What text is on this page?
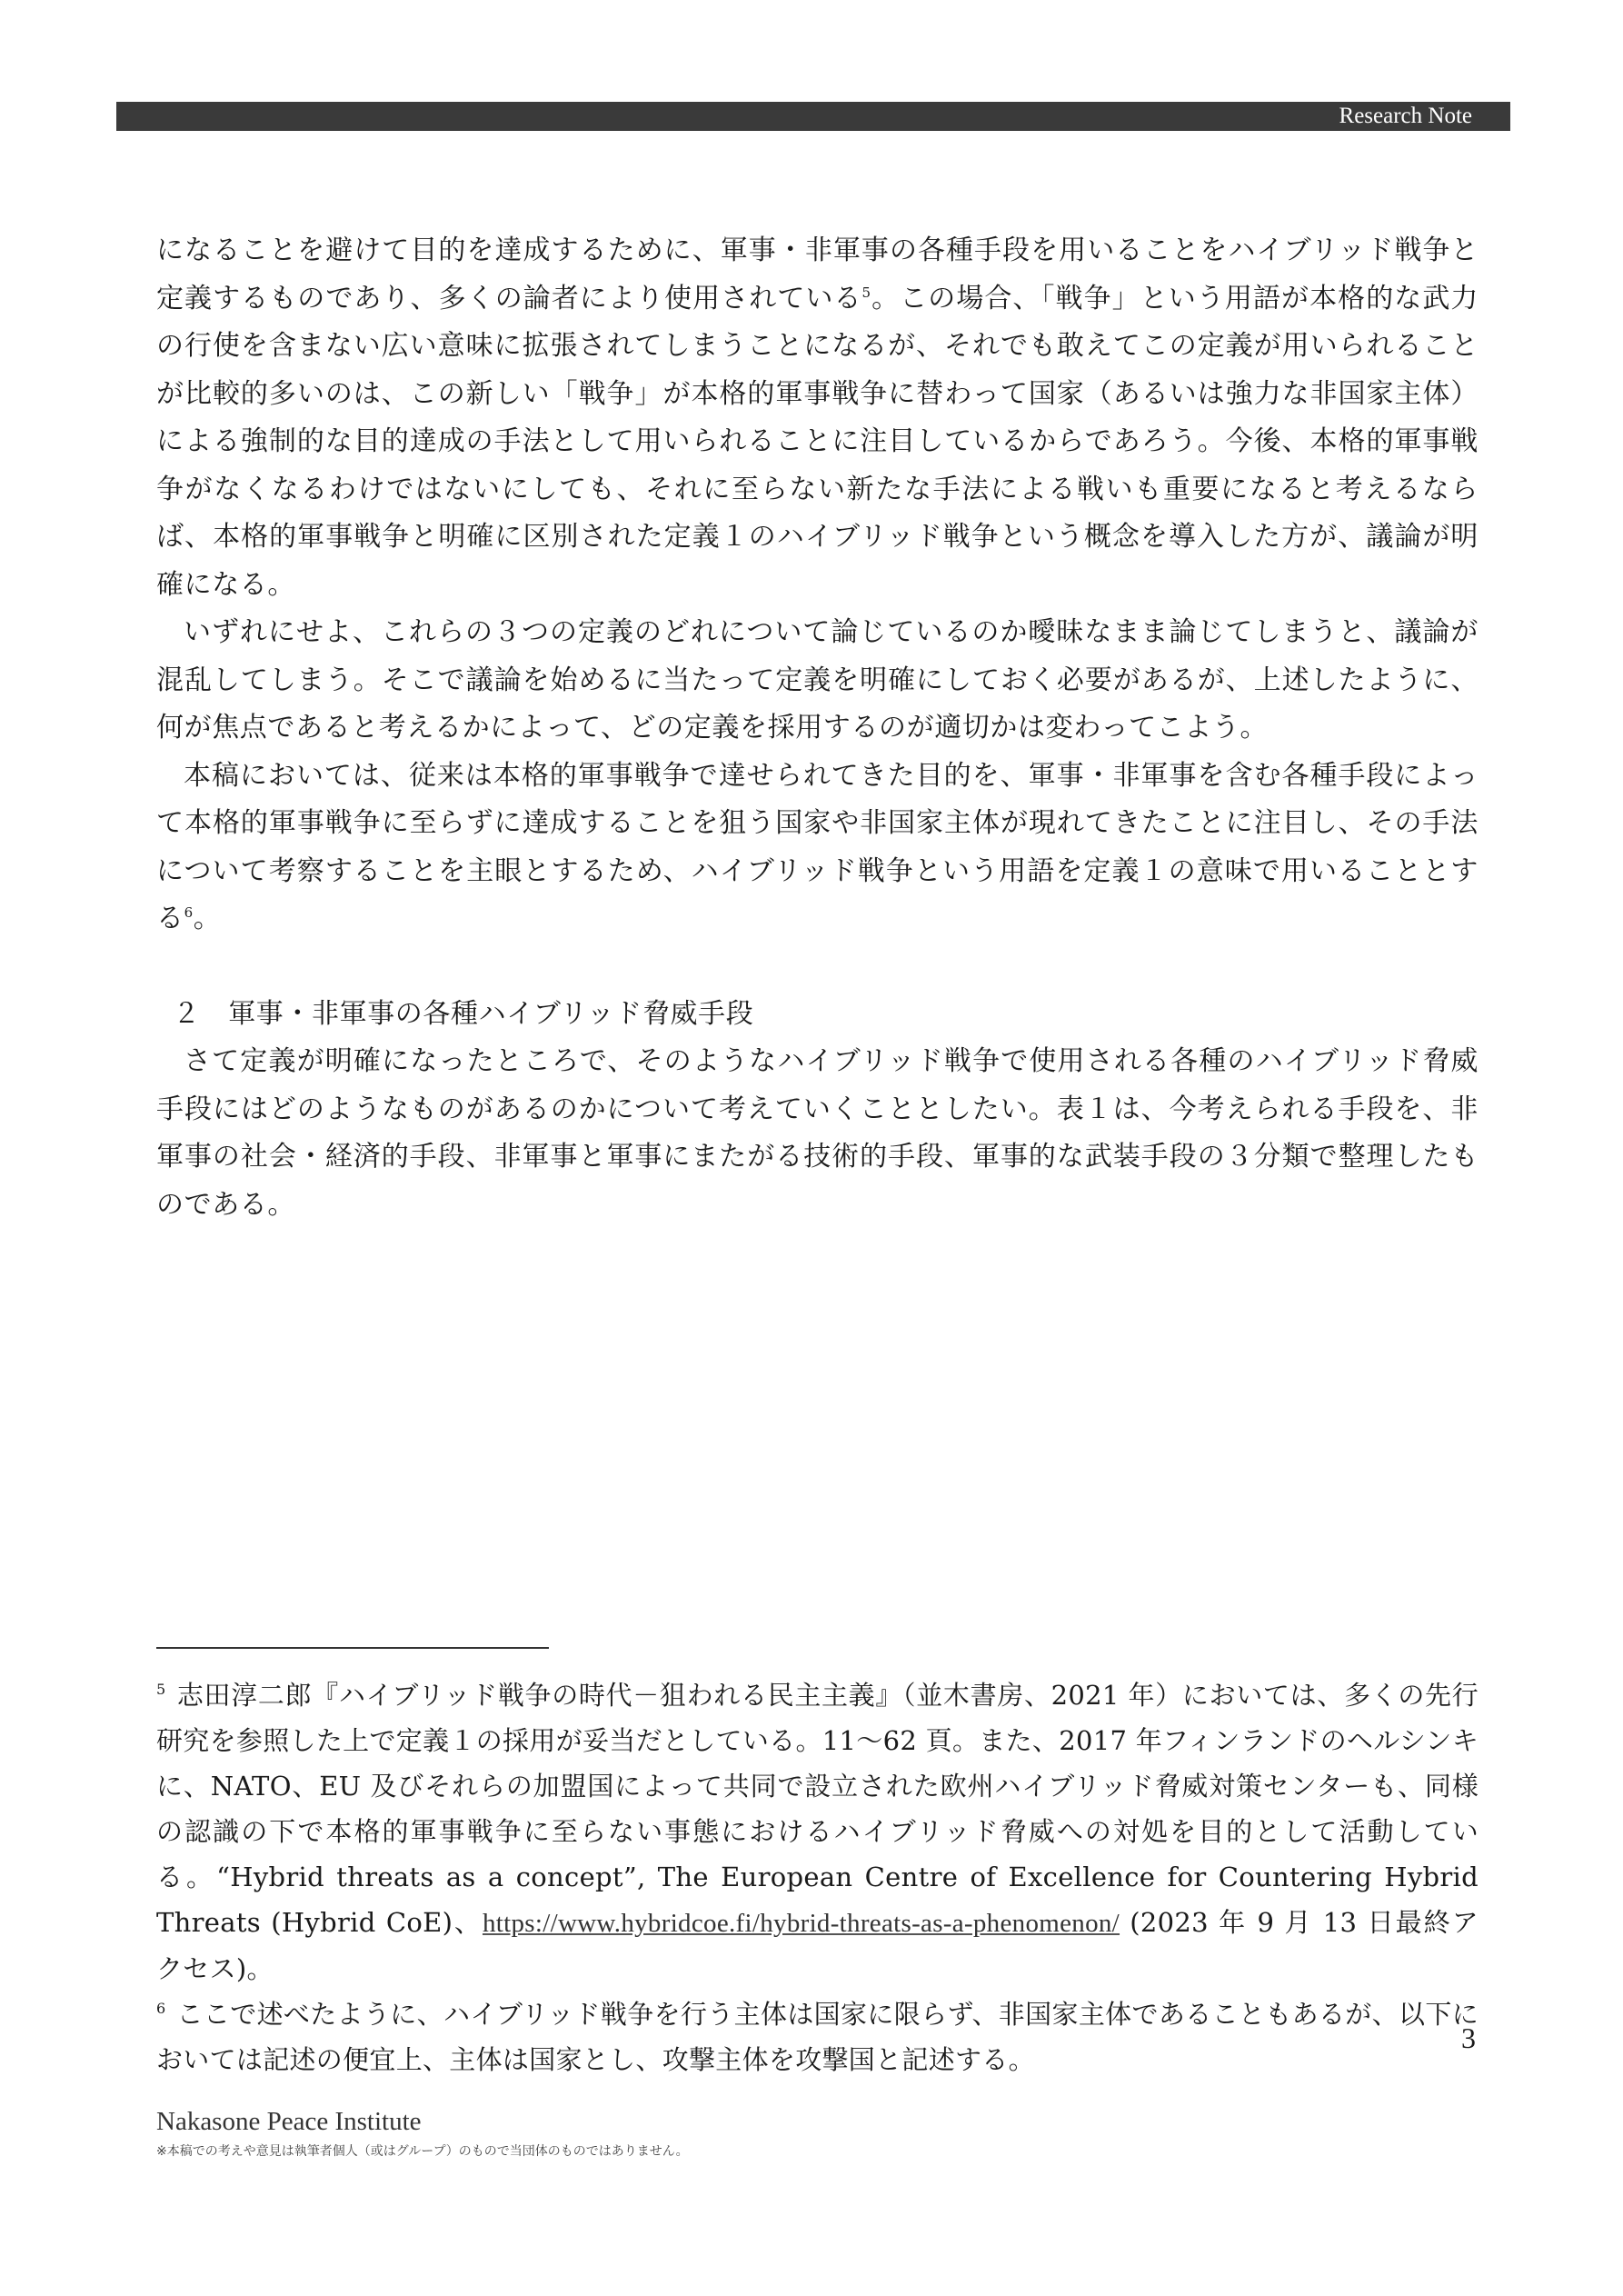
Research Note

になることを避けて目的を達成するために、軍事・非軍事の各種手段を用いることをハイブリッド戦争と定義するものであり、多くの論者により使用されている$^5$。この場合、「戦争」という用語が本格的な武力の行使を含まない広い意味に拡張されてしまうことになるが、それでも敢えてこの定義が用いられることが比較的多いのは、この新しい「戦争」が本格的軍事戦争に替わって国家（あるいは強力な非国家主体）による強制的な目的達成の手法として用いられることに注目しているからであろう。今後、本格的軍事戦争がなくなるわけではないにしても、それに至らない新たな手法による戦いも重要になると考えるならば、本格的軍事戦争と明確に区別された定義１のハイブリッド戦争という概念を導入した方が、議論が明確になる。

いずれにせよ、これらの３つの定義のどれについて論じているのか曖昧なまま論じてしまうと、議論が混乱してしまう。そこで議論を始めるに当たって定義を明確にしておく必要があるが、上述したように、何が焦点であると考えるかによって、どの定義を採用するのが適切かは変わってこよう。

本稿においては、従来は本格的軍事戦争で達せられてきた目的を、軍事・非軍事を含む各種手段によって本格的軍事戦争に至らずに達成することを狙う国家や非国家主体が現れてきたことに注目し、その手法について考察することを主眼とするため、ハイブリッド戦争という用語を定義１の意味で用いることとする$^6$。

２　軍事・非軍事の各種ハイブリッド脅威手段

さて定義が明確になったところで、そのようなハイブリッド戦争で使用される各種のハイブリッド脅威手段にはどのようなものがあるのかについて考えていくこととしたい。表１は、今考えられる手段を、非軍事の社会・経済的手段、非軍事と軍事にまたがる技術的手段、軍事的な武装手段の３分類で整理したものである。

$^5$ 志田淳二郎『ハイブリッド戦争の時代－狙われる民主主義』（並木書房、2021 年）においては、多くの先行研究を参照した上で定義１の採用が妥当だとしている。11～62 頁。また、2017 年フィンランドのヘルシンキに、NATO、EU 及びそれらの加盟国によって共同で設立された欧州ハイブリッド脅威対策センターも、同様の認識の下で本格的軍事戦争に至らない事態におけるハイブリッド脅威への対処を目的として活動している。“Hybrid threats as a concept”, The European Centre of Excellence for Countering Hybrid Threats (Hybrid CoE)、https://www.hybridcoe.fi/hybrid-threats-as-a-phenomenon/ (2023 年 9 月 13 日最終アクセス)。

$^6$ ここで述べたように、ハイブリッド戦争を行う主体は国家に限らず、非国家主体であることもあるが、以下においては記述の便宜上、主体は国家とし、攻撃主体を攻撃国と記述する。

3
Nakasone Peace Institute
※本稿での考えや意見は執筆者個人（或はグループ）のもので当団体のものではありません。
